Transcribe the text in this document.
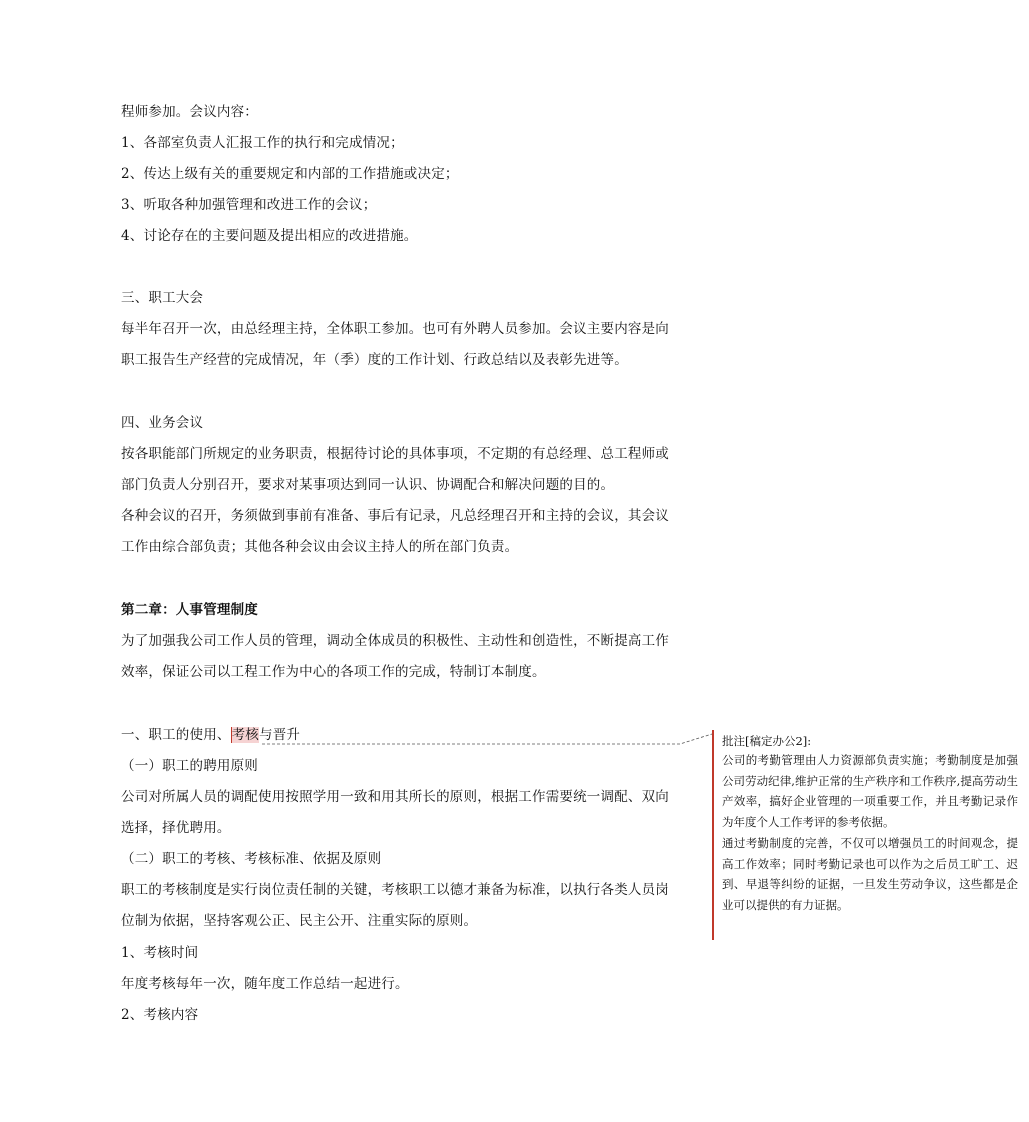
程师参加。会议内容：
1、各部室负责人汇报工作的执行和完成情况；
2、传达上级有关的重要规定和内部的工作措施或决定；
3、听取各种加强管理和改进工作的会议；
4、讨论存在的主要问题及提出相应的改进措施。
三、职工大会
每半年召开一次，由总经理主持，全体职工参加。也可有外聘人员参加。会议主要内容是向
职工报告生产经营的完成情况，年（季）度的工作计划、行政总结以及表彰先进等。
四、业务会议
按各职能部门所规定的业务职责，根据待讨论的具体事项，不定期的有总经理、总工程师或
部门负责人分别召开，要求对某事项达到同一认识、协调配合和解决问题的目的。
各种会议的召开，务须做到事前有准备、事后有记录，凡总经理召开和主持的会议，其会议
工作由综合部负责；其他各种会议由会议主持人的所在部门负责。
第二章：人事管理制度
为了加强我公司工作人员的管理，调动全体成员的积极性、主动性和创造性，不断提高工作
效率，保证公司以工程工作为中心的各项工作的完成，特制订本制度。
一、职工的使用、考核与晋升
（一）职工的聘用原则
公司对所属人员的调配使用按照学用一致和用其所长的原则，根据工作需要统一调配、双向
选择，择优聘用。
（二）职工的考核、考核标准、依据及原则
职工的考核制度是实行岗位责任制的关键，考核职工以德才兼备为标准，以执行各类人员岗
位制为依据，坚持客观公正、民主公开、注重实际的原则。
1、考核时间
年度考核每年一次，随年度工作总结一起进行。
2、考核内容
批注[稿定办公2]:

公司的考勤管理由人力资源部负责实施；考勤制度是加强公司劳动纪律,维护正常的生产秩序和工作秩序,提高劳动生产效率，搞好企业管理的一项重要工作，并且考勤记录作为年度个人工作考评的参考依据。

通过考勤制度的完善，不仅可以增强员工的时间观念，提高工作效率；同时考勤记录也可以作为之后员工旷工、迟到、早退等纠纷的证据，一旦发生劳动争议，这些都是企业可以提供的有力证据。
